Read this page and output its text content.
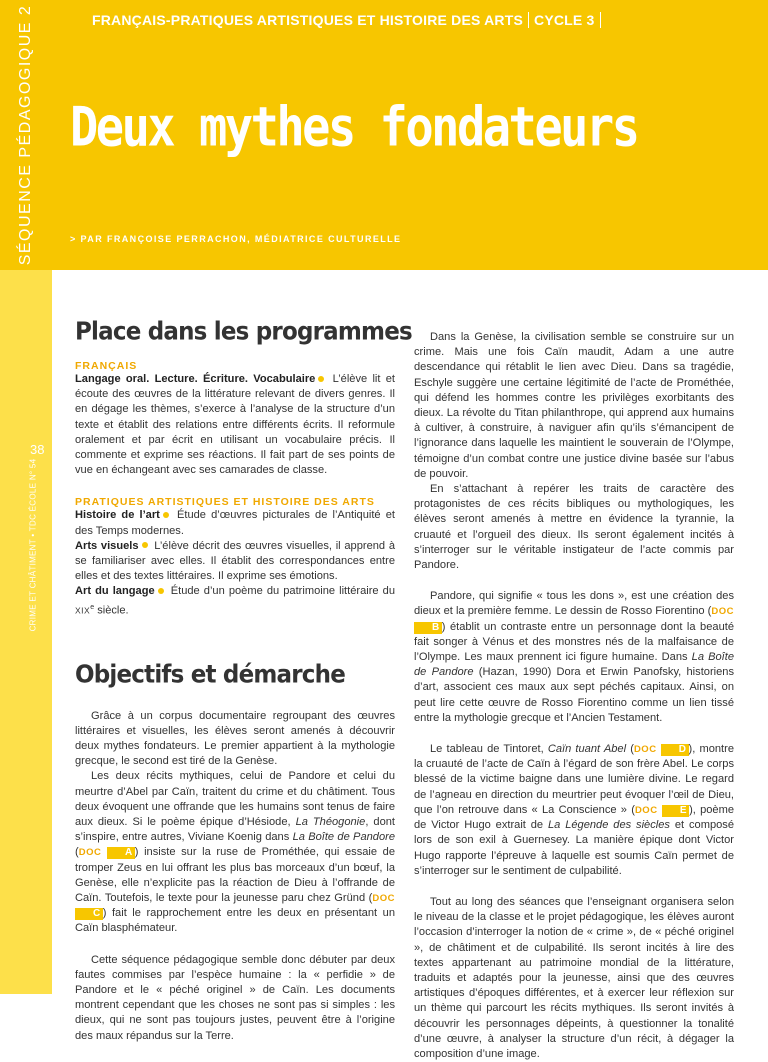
SÉQUENCE PÉDAGOGIQUE 2
38
CRIME ET CHÂTIMENT • TDC ÉCOLE N° 54
FRANÇAIS-PRATIQUES ARTISTIQUES ET HISTOIRE DES ARTS CYCLE 3
Deux mythes fondateurs
> PAR FRANÇOISE PERRACHON, MÉDIATRICE CULTURELLE
Place dans les programmes
FRANÇAIS

Langage oral. Lecture. Écriture. Vocabulaire L’élève lit et écoute des œuvres de la littérature relevant de divers genres. Il en dégage les thèmes, s’exerce à l’analyse de la structure d’un texte et établit des relations entre différents écrits. Il reformule oralement et par écrit en utilisant un vocabulaire précis. Il commente et exprime ses réactions. Il fait part de ses points de vue en échangeant avec ses camarades de classe.

PRATIQUES ARTISTIQUES ET HISTOIRE DES ARTS

Histoire de l’art Étude d’œuvres picturales de l’Antiquité et des Temps modernes.

Arts visuels L’élève décrit des œuvres visuelles, il apprend à se familiariser avec elles. Il établit des correspondances entre elles et des textes littéraires. Il exprime ses émotions.

Art du langage Étude d’un poème du patrimoine littéraire du XIXe siècle.

Objectifs et démarche

Grâce à un corpus documentaire regroupant des œuvres littéraires et visuelles, les élèves seront amenés à découvrir deux mythes fondateurs. Le premier appartient à la mythologie grecque, le second est tiré de la Genèse.

Les deux récits mythiques, celui de Pandore et celui du meurtre d’Abel par Caïn, traitent du crime et du châtiment. Tous deux évoquent une offrande que les humains sont tenus de faire aux dieux. Si le poème épique d’Hésiode, La Théogonie, dont s’inspire, entre autres, Viviane Koenig dans La Boîte de Pandore (DOC A ) insiste sur la ruse de Prométhée, qui essaie de tromper Zeus en lui offrant les plus bas morceaux d’un bœuf, la Genèse, elle n’explicite pas la réaction de Dieu à l’offrande de Caïn. Toutefois, le texte pour la jeunesse paru chez Gründ (DOC C ) fait le rapprochement entre les deux en présentant un Caïn blasphémateur.

Cette séquence pédagogique semble donc débuter par deux fautes commises par l’espèce humaine : la « perfidie » de Pandore et le « péché originel » de Caïn. Les documents montrent cependant que les choses ne sont pas si simples : les dieux, qui ne sont pas toujours justes, peuvent être à l’origine des maux répandus sur la Terre.

Dans la Genèse, la civilisation semble se construire sur un crime. Mais une fois Caïn maudit, Adam a une autre descendance qui rétablit le lien avec Dieu. Dans sa tragédie, Eschyle suggère une certaine légitimité de l’acte de Prométhée, qui défend les hommes contre les privilèges exorbitants des dieux. La révolte du Titan philanthrope, qui apprend aux humains à cultiver, à construire, à naviguer afin qu’ils s’émancipent de l’ignorance dans laquelle les maintient le souverain de l’Olympe, témoigne d’un combat contre une justice divine basée sur l’abus de pouvoir.

En s’attachant à repérer les traits de caractère des protagonistes de ces récits bibliques ou mythologiques, les élèves seront amenés à mettre en évidence la tyrannie, la cruauté et l’orgueil des dieux. Ils seront également incités à s’interroger sur le véritable instigateur de l’acte commis par Pandore.

Pandore, qui signifie « tous les dons », est une création des dieux et la première femme. Le dessin de Rosso Fiorentino (DOC B ) établit un contraste entre un personnage dont la beauté fait songer à Vénus et des monstres nés de la malfaisance de l’Olympe. Les maux prennent ici figure humaine. Dans La Boîte de Pandore (Hazan, 1990) Dora et Erwin Panofsky, historiens d’art, associent ces maux aux sept péchés capitaux. Ainsi, on peut lire cette œuvre de Rosso Fiorentino comme un lien tissé entre la mythologie grecque et l’Ancien Testament.

Le tableau de Tintoret, Caïn tuant Abel (DOC D ), montre la cruauté de l’acte de Caïn à l’égard de son frère Abel. Le corps blessé de la victime baigne dans une lumière divine. Le regard de l’agneau en direction du meurtrier peut évoquer l’œil de Dieu, que l’on retrouve dans « La Conscience » (DOC E ), poème de Victor Hugo extrait de La Légende des siècles et composé lors de son exil à Guernesey. La manière épique dont Victor Hugo rapporte l’épreuve à laquelle est soumis Caïn permet de s’interroger sur le sentiment de culpabilité.

Tout au long des séances que l’enseignant organisera selon le niveau de la classe et le projet pédagogique, les élèves auront l’occasion d’interroger la notion de « crime », de « péché originel », de châtiment et de culpabilité. Ils seront incités à lire des textes appartenant au patrimoine mondial de la littérature, traduits et adaptés pour la jeunesse, ainsi que des œuvres artistiques d’époques différentes, et à exercer leur réflexion sur un thème qui parcourt les récits mythiques. Ils seront invités à découvrir les personnages dépeints, à questionner la tonalité d’une œuvre, à analyser la structure d’un récit, à dégager la composition d’une image.
